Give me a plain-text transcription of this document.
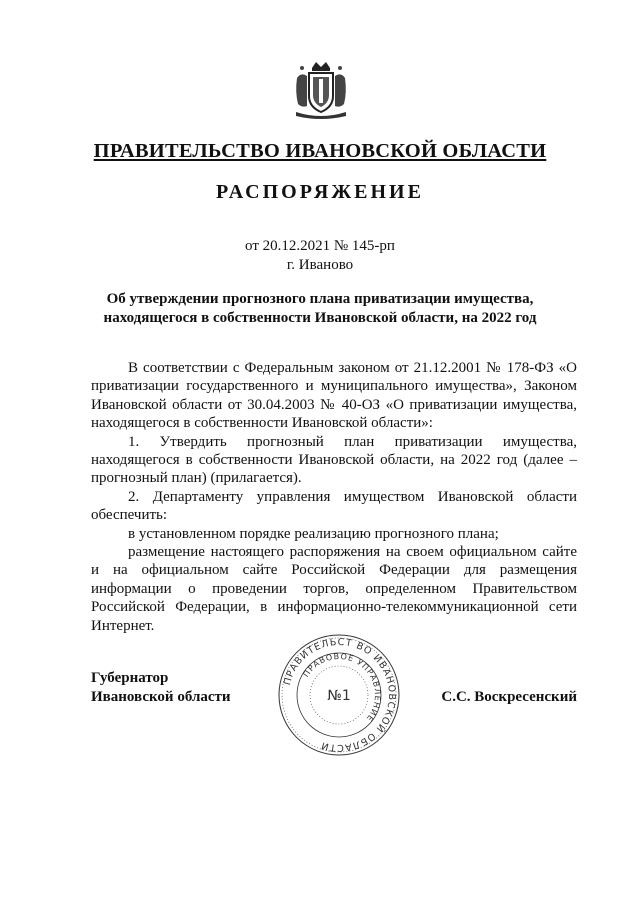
ПРАВИТЕЛЬСТВО ИВАНОВСКОЙ ОБЛАСТИ
РАСПОРЯЖЕНИЕ
от 20.12.2021 № 145-рп
г. Иваново
Об утверждении прогнозного плана приватизации имущества,
находящегося в собственности Ивановской области, на 2022 год

В соответствии с Федеральным законом от 21.12.2001 № 178-ФЗ «О приватизации государственного и муниципального имущества», Законом Ивановской области от 30.04.2003 № 40-ОЗ «О приватизации имущества, находящегося в собственности Ивановской области»:

1. Утвердить прогнозный план приватизации имущества, находящегося в собственности Ивановской области, на 2022 год (далее – прогнозный план) (прилагается).

2. Департаменту управления имуществом Ивановской области обеспечить:

в установленном порядке реализацию прогнозного плана;

размещение настоящего распоряжения на своем официальном сайте и на официальном сайте Российской Федерации для размещения информации о проведении торгов, определенном Правительством Российской Федерации, в информационно-телекоммуникационной сети Интернет.

Губернатор
Ивановской области
ПРАВИТЕЛЬСТ ВО ИВАНОВСКОЙ ОБЛАСТИ
ПРАВОВОЕ УПРАВЛЕНИЕ
№1	С.С. Воскресенский
